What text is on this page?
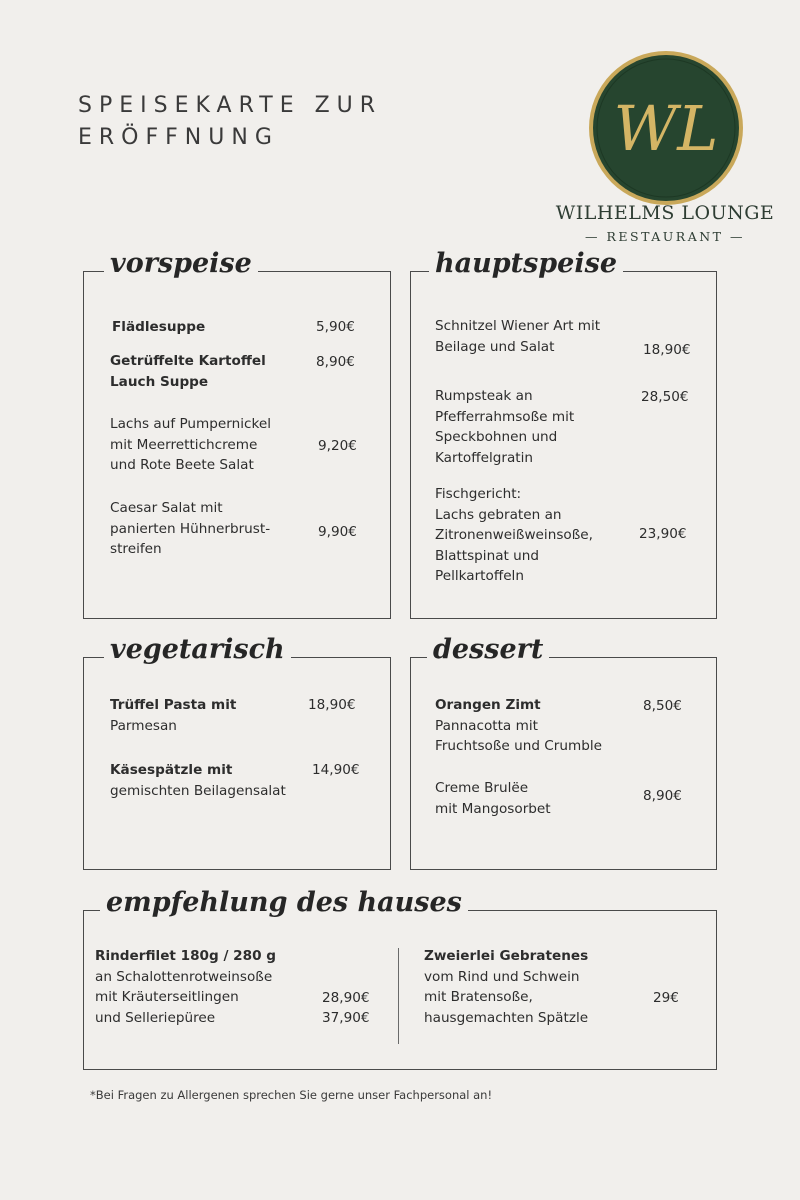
SPEISEKARTE ZUR
ERÖFFNUNG	WL
WILHELMS LOUNGE
— RESTAURANT —
vorspeise
Flädlesuppe	5,90€
Getrüffelte Kartoffel
Lauch Suppe
8,90€
Lachs auf Pumpernickel
mit Meerrettichcreme
und Rote Beete Salat
9,20€
Caesar Salat mit
panierten Hühnerbrust-
streifen
9,90€
hauptspeise
Schnitzel Wiener Art mit
Beilage und Salat	18,90€
Rumpsteak an
Pfefferrahmsoße mit
Speckbohnen und
Kartoffelgratin
28,50€
Fischgericht:
Lachs gebraten an
Zitronenweißweinsoße,
Blattspinat und
Pellkartoffeln
23,90€
vegetarisch
Trüffel Pasta mit
Parmesan
18,90€
Käsespätzle mit
gemischten Beilagensalat
14,90€
dessert
Orangen Zimt
Pannacotta mit
Fruchtsoße und Crumble
8,50€
Creme Brulëe
mit Mangosorbet
8,90€
empfehlung des hauses
Rinderfilet 180g / 280 g
an Schalottenrotweinsoße
mit Kräuterseitlingen
und Selleriepüree
28,90€
37,90€
Zweierlei Gebratenes
vom Rind und Schwein
mit Bratensoße,
hausgemachten Spätzle
29€
*Bei Fragen zu Allergenen sprechen Sie gerne unser Fachpersonal an!
